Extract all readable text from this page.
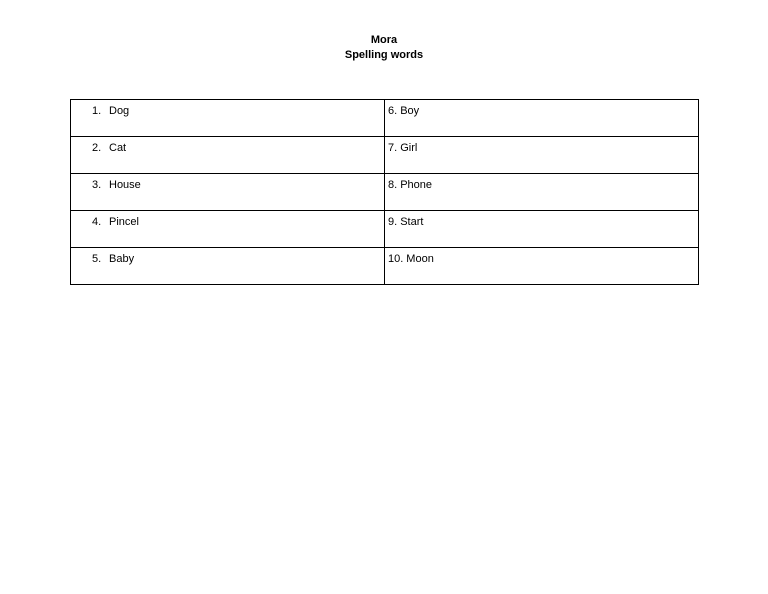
Mora
Spelling words
1. Dog	6. Boy

2. Cat	7. Girl

3. House	8. Phone

4. Pincel	9. Start

5. Baby	10. Moon
